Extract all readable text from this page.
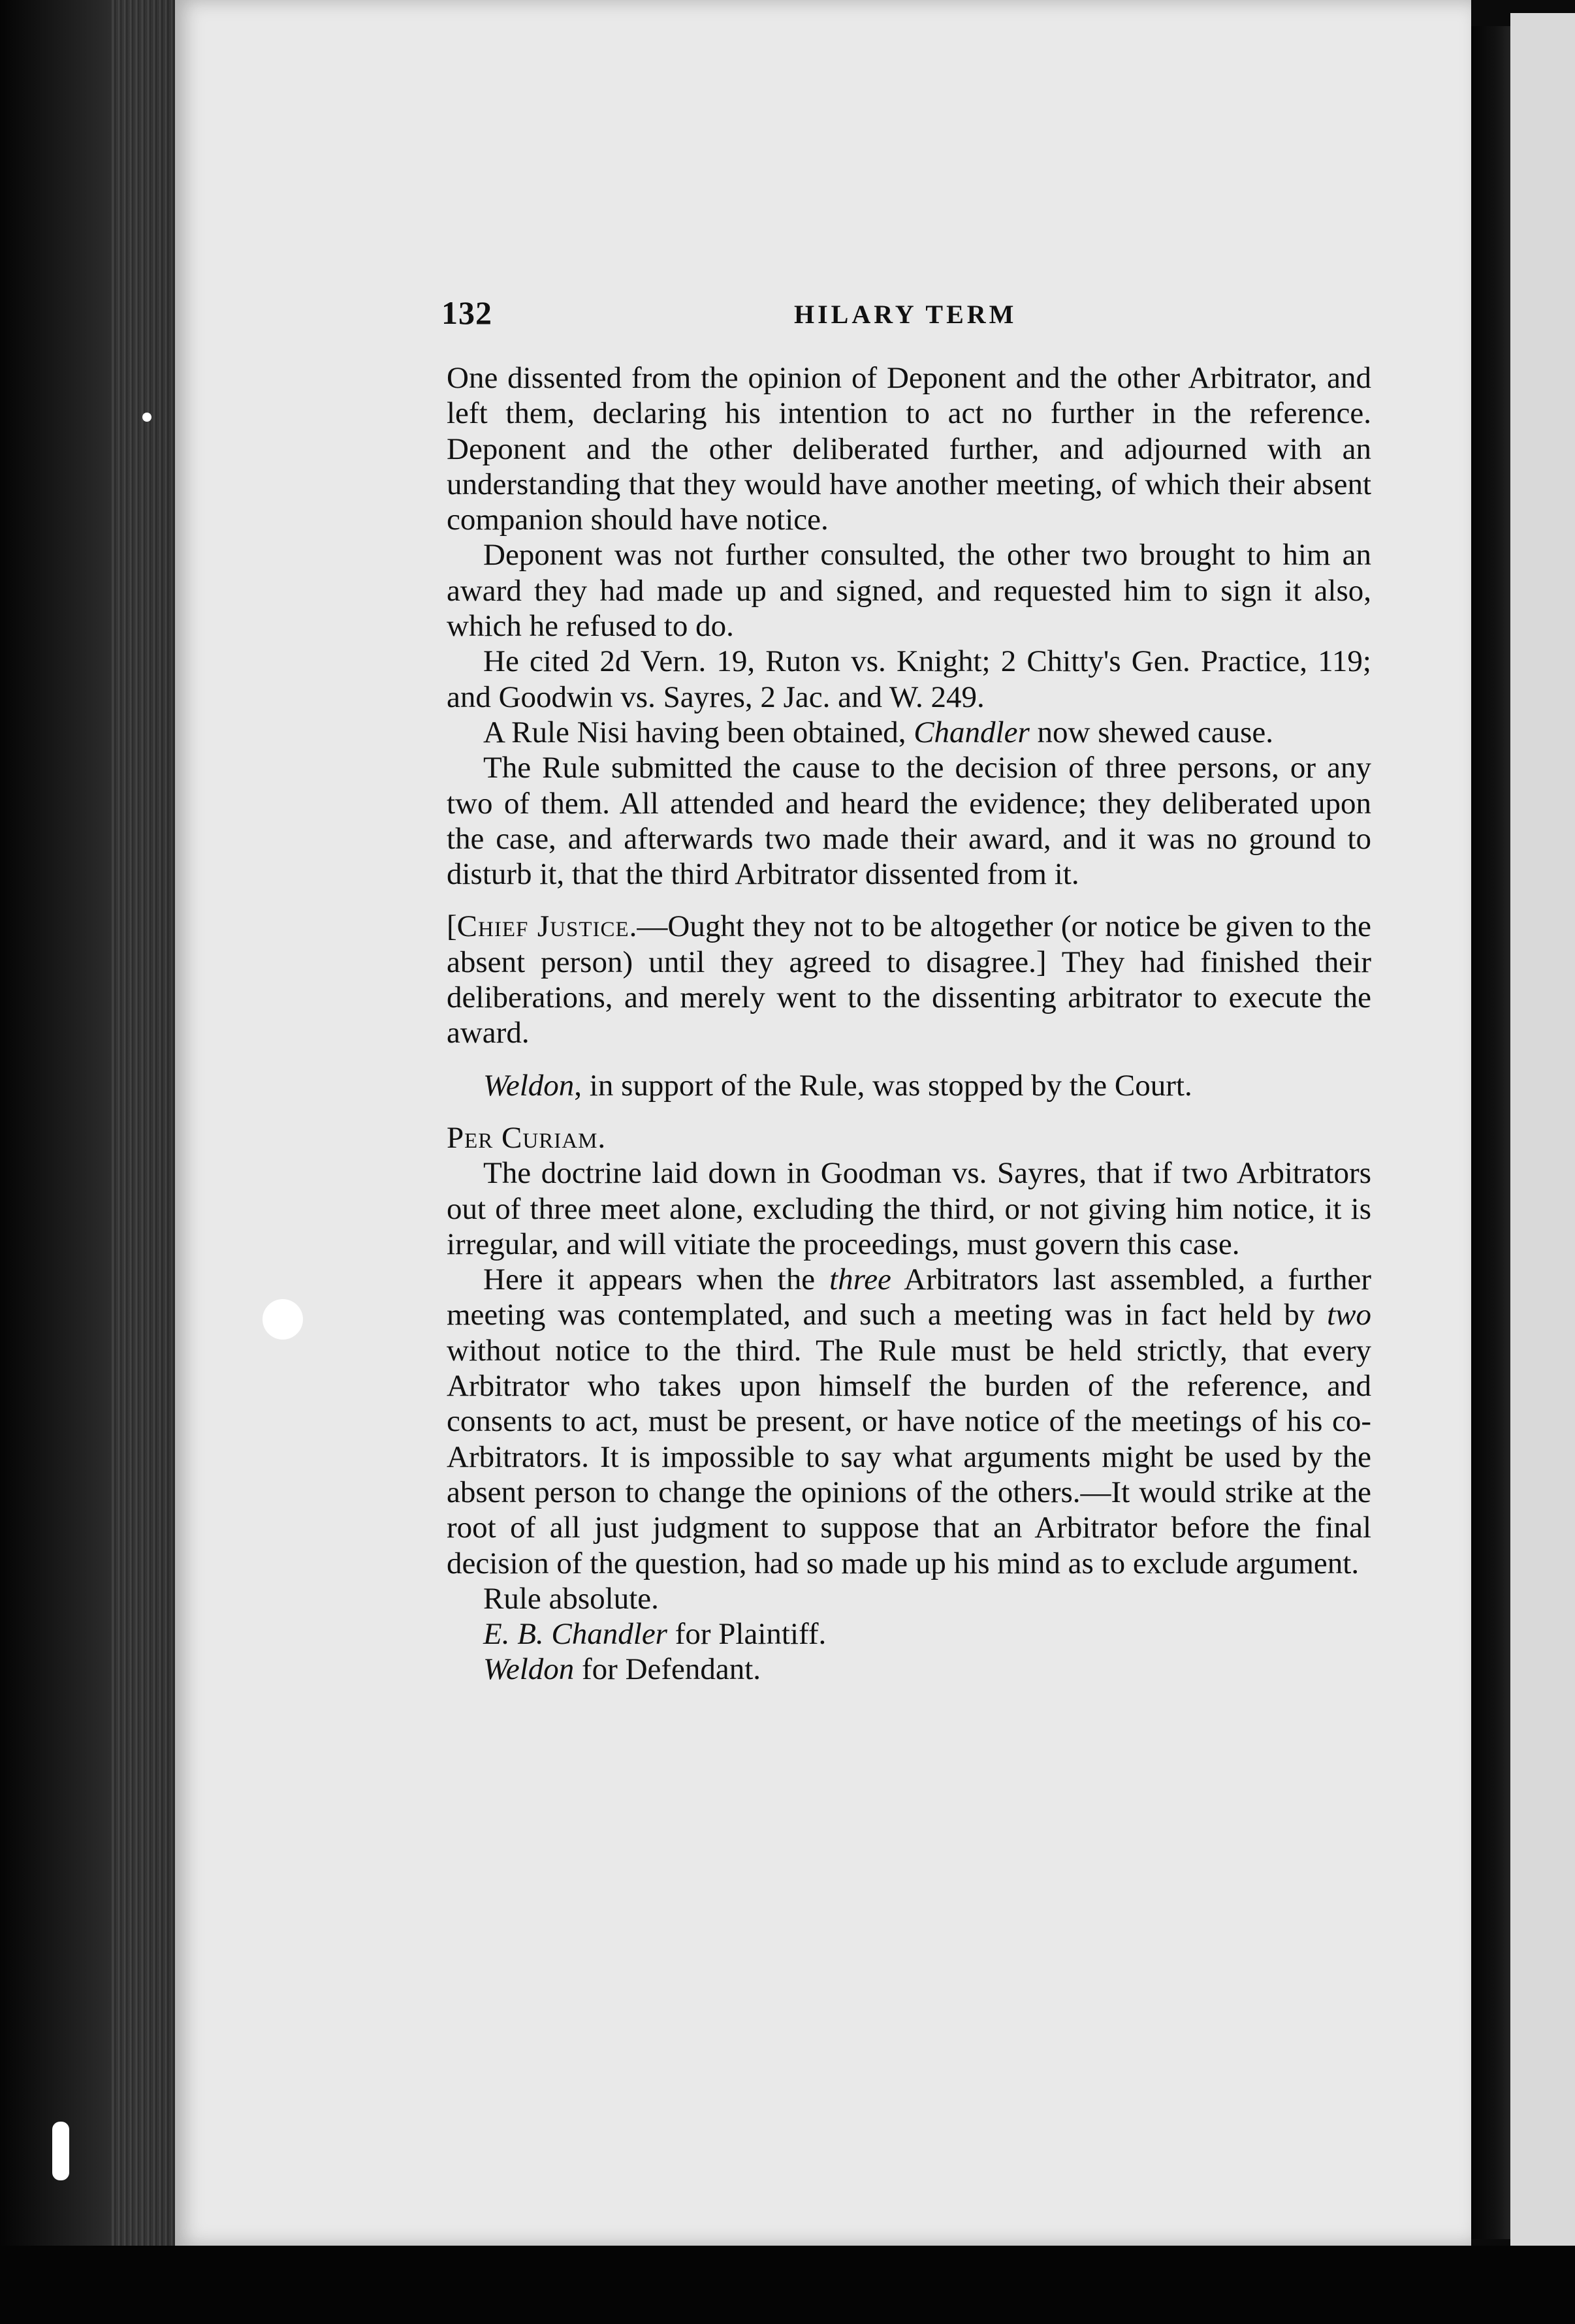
132	HILARY TERM

One dissented from the opinion of Deponent and the other Arbitrator, and left them, declaring his intention to act no further in the reference. Deponent and the other deliberated further, and adjourned with an understanding that they would have another meeting, of which their absent companion should have notice.

Deponent was not further consulted, the other two brought to him an award they had made up and signed, and requested him to sign it also, which he refused to do.

He cited 2d Vern. 19, Ruton vs. Knight; 2 Chitty's Gen. Practice, 119; and Goodwin vs. Sayres, 2 Jac. and W. 249.

A Rule Nisi having been obtained, Chandler now shewed cause.

The Rule submitted the cause to the decision of three persons, or any two of them. All attended and heard the evidence; they deliberated upon the case, and afterwards two made their award, and it was no ground to disturb it, that the third Arbitrator dissented from it.

[Chief Justice.—Ought they not to be altogether (or notice be given to the absent person) until they agreed to disagree.] They had finished their deliberations, and merely went to the dissenting arbitrator to execute the award.

Weldon, in support of the Rule, was stopped by the Court.

Per Curiam.

The doctrine laid down in Goodman vs. Sayres, that if two Arbitrators out of three meet alone, excluding the third, or not giving him notice, it is irregular, and will vitiate the proceedings, must govern this case.

Here it appears when the three Arbitrators last assembled, a further meeting was contemplated, and such a meeting was in fact held by two without notice to the third. The Rule must be held strictly, that every Arbitrator who takes upon himself the burden of the reference, and consents to act, must be present, or have notice of the meetings of his co-Arbitrators. It is impossible to say what arguments might be used by the absent person to change the opinions of the others.—It would strike at the root of all just judgment to suppose that an Arbitrator before the final decision of the question, had so made up his mind as to exclude argument.

Rule absolute.

E. B. Chandler for Plaintiff.

Weldon for Defendant.
